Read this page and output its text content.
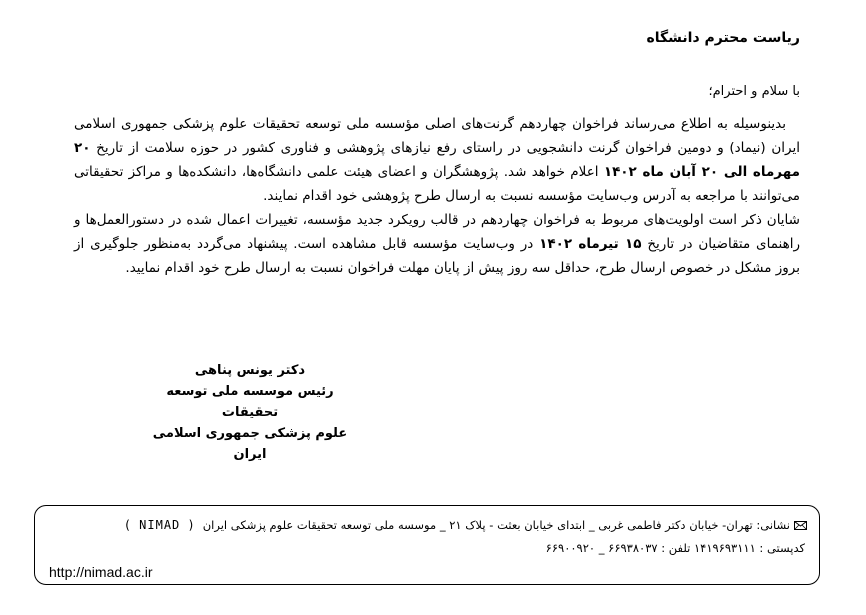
ریاست محترم دانشگاه
با سلام و احترام؛

بدینوسیله به اطلاع می‌رساند فراخوان چهاردهم گرنت‌های اصلی مؤسسه ملی توسعه تحقیقات علوم پزشکی جمهوری اسلامی ایران (نیماد) و دومین فراخوان گرنت دانشجویی در راستای رفع نیازهای پژوهشی و فناوری کشور در حوزه سلامت از تاریخ ۲۰ مهرماه الی ۲۰ آبان ماه ۱۴۰۲ اعلام خواهد شد. پژوهشگران و اعضای هیئت علمی دانشگاه‌ها، دانشکده‌ها و مراکز تحقیقاتی می‌توانند با مراجعه به آدرس وب‌سایت مؤسسه نسبت به ارسال طرح پژوهشی خود اقدام نمایند.

شایان ذکر است اولویت‌های مربوط به فراخوان چهاردهم در قالب رویکرد جدید مؤسسه، تغییرات اعمال شده در دستورالعمل‌ها و راهنمای متقاضیان در تاریخ ۱۵ تیرماه ۱۴۰۲ در وب‌سایت مؤسسه قابل مشاهده است. پیشنهاد می‌گردد به‌منظور جلوگیری از بروز مشکل در خصوص ارسال طرح، حداقل سه روز پیش از پایان مهلت فراخوان نسبت به ارسال طرح خود اقدام نمایید.

دکتر یونس پناهی
رئیس موسسه ملی توسعه تحقیقات
علوم پزشکی جمهوری اسلامی ایران
نشانی: تهران- خیابان دکتر فاطمی غربی _ ابتدای خیابان بعثت - پلاک ۲۱ _ موسسه ملی توسعه تحقیقات علوم پزشکی ایران( NIMAD )
کدپستی : ۱۴۱۹۶۹۳۱۱۱ تلفن : ۶۶۹۳۸۰۳۷ _ ۶۶۹۰۰۹۲۰
http://nimad.ac.ir
